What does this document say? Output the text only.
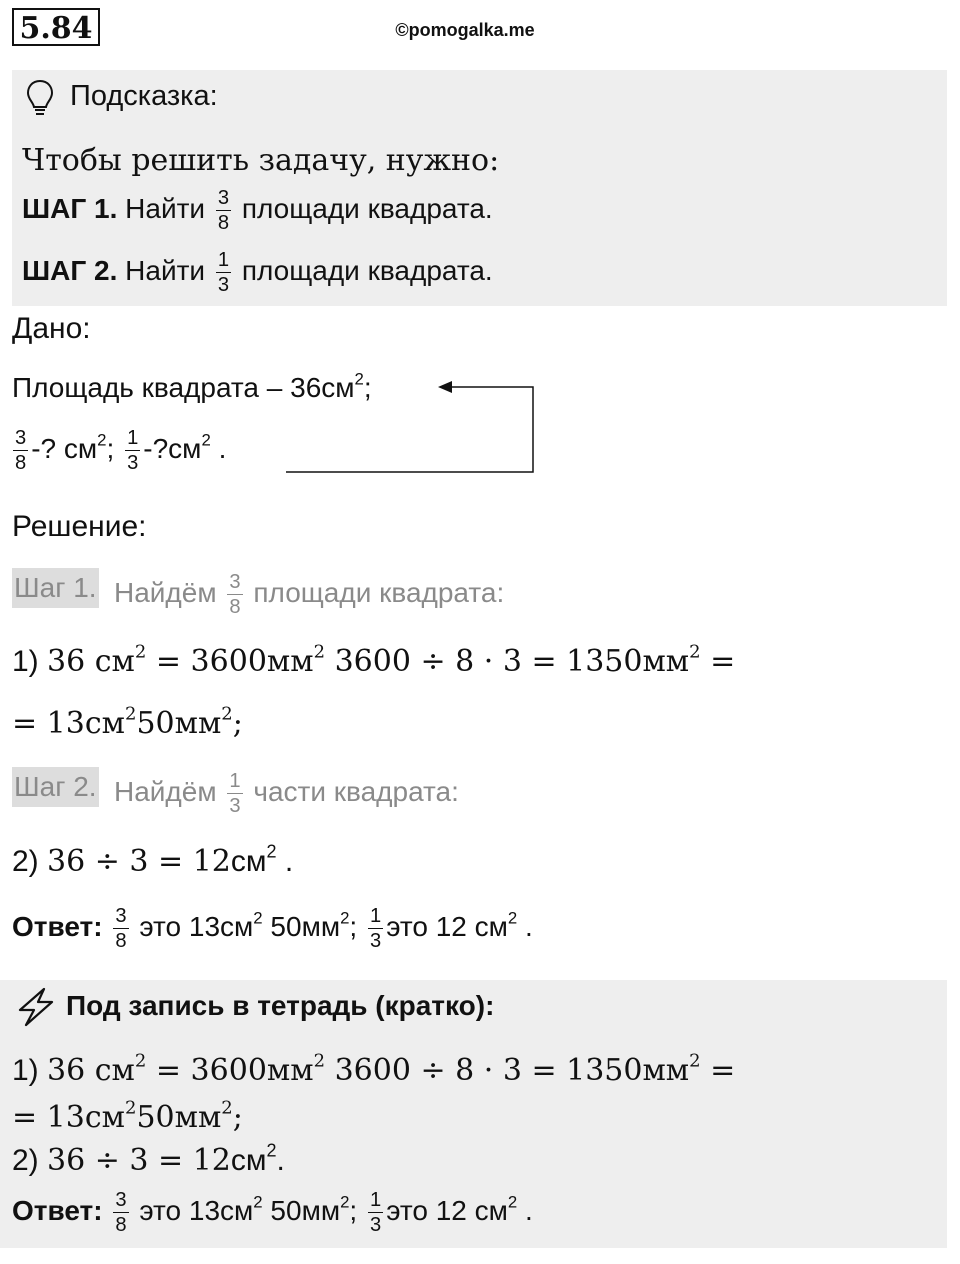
5.84	©pomogalka.me
Подсказка:
Чтобы решить задачу, нужно:
ШАГ 1. Найти $\frac{3}{8}$ площади квадрата.
ШАГ 2. Найти $\frac{1}{3}$ площади квадрата.
Дано:
Площадь квадрата – $36см^2$;
$\frac{3}{8}$ -? $см^2$; $\frac{1}{3}$ $-?см^2$ .
Решение:
Шаг 1. Найдём $\frac{3}{8}$ площади квадрата:
1) 36 $см^2 = 3600мм^2$ $3600 \div 8 \cdot 3 = 1350мм^2$ =
= $13см^250мм^2$;
Шаг 2. Найдём $\frac{1}{3}$ части квадрата:
2) $36 \div 3 = 12см^2$ .
Ответ: $\frac{3}{8}$ это $13см^2$ $50мм^2$; $\frac{1}{3}$ это 12 $см^2$ .
Под запись в тетрадь (кратко):
1) 36 $см^2 = 3600мм^2$ $3600 \div 8 \cdot 3 = 1350мм^2$ =
= $13см^250мм^2$;
2) $36 \div 3 = 12см^2$.
Ответ: $\frac{3}{8}$ это $13см^2$ $50мм^2$; $\frac{1}{3}$ это 12 $см^2$ .
